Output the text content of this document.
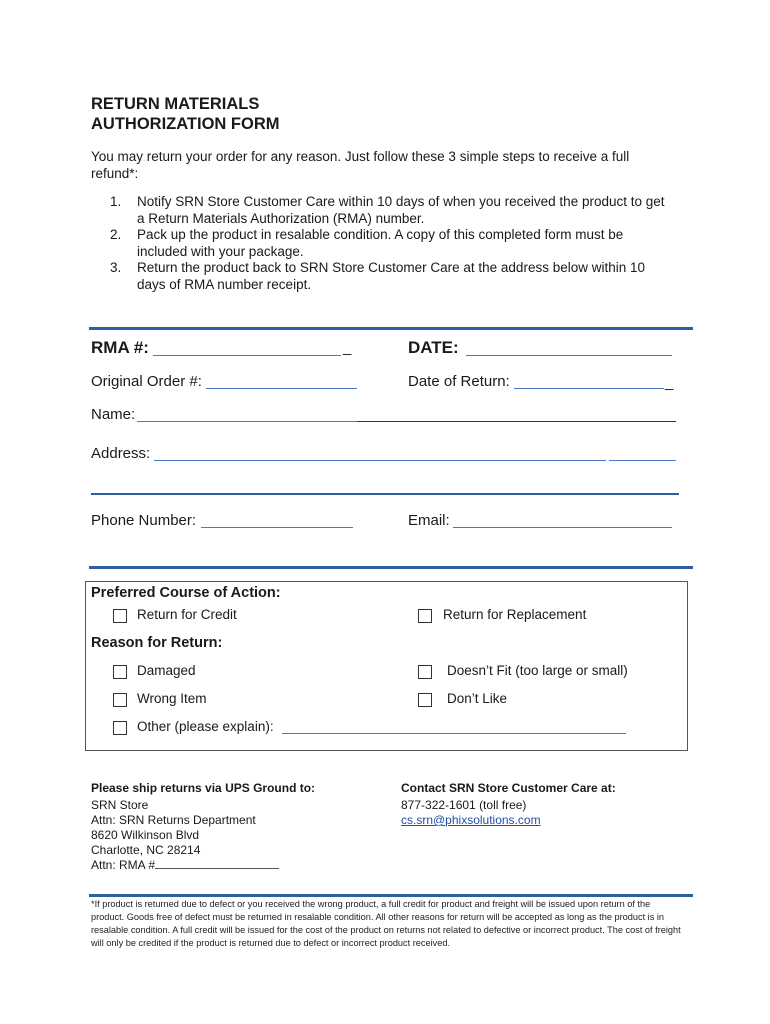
RETURN MATERIALS
AUTHORIZATION FORM
You may return your order for any reason. Just follow these 3 simple steps to receive a full refund*:
1. Notify SRN Store Customer Care within 10 days of when you received the product to get a Return Materials Authorization (RMA) number.
2. Pack up the product in resalable condition. A copy of this completed form must be included with your package.
3. Return the product back to SRN Store Customer Care at the address below within 10 days of RMA number receipt.
RMA #:	_	DATE:
Original Order #:	Date of Return:	_
Name:
Address:
Phone Number:	Email:
Preferred Course of Action:
Return for Credit	Return for Replacement
Reason for Return:
Damaged	Doesn’t Fit (too large or small)
Wrong Item	Don’t Like
Other (please explain):
Please ship returns via UPS Ground to:
SRN Store
Attn: SRN Returns Department
8620 Wilkinson Blvd
Charlotte, NC 28214
Attn: RMA #
Contact SRN Store Customer Care at:
877-322-1601 (toll free)
cs.srn@phixsolutions.com
*If product is returned due to defect or you received the wrong product, a full credit for product and freight will be issued upon return of the product. Goods free of defect must be returned in resalable condition. All other reasons for return will be accepted as long as the product is in resalable condition. A full credit will be issued for the cost of the product on returns not related to defective or incorrect product. The cost of freight will only be credited if the product is returned due to defect or incorrect product received.
